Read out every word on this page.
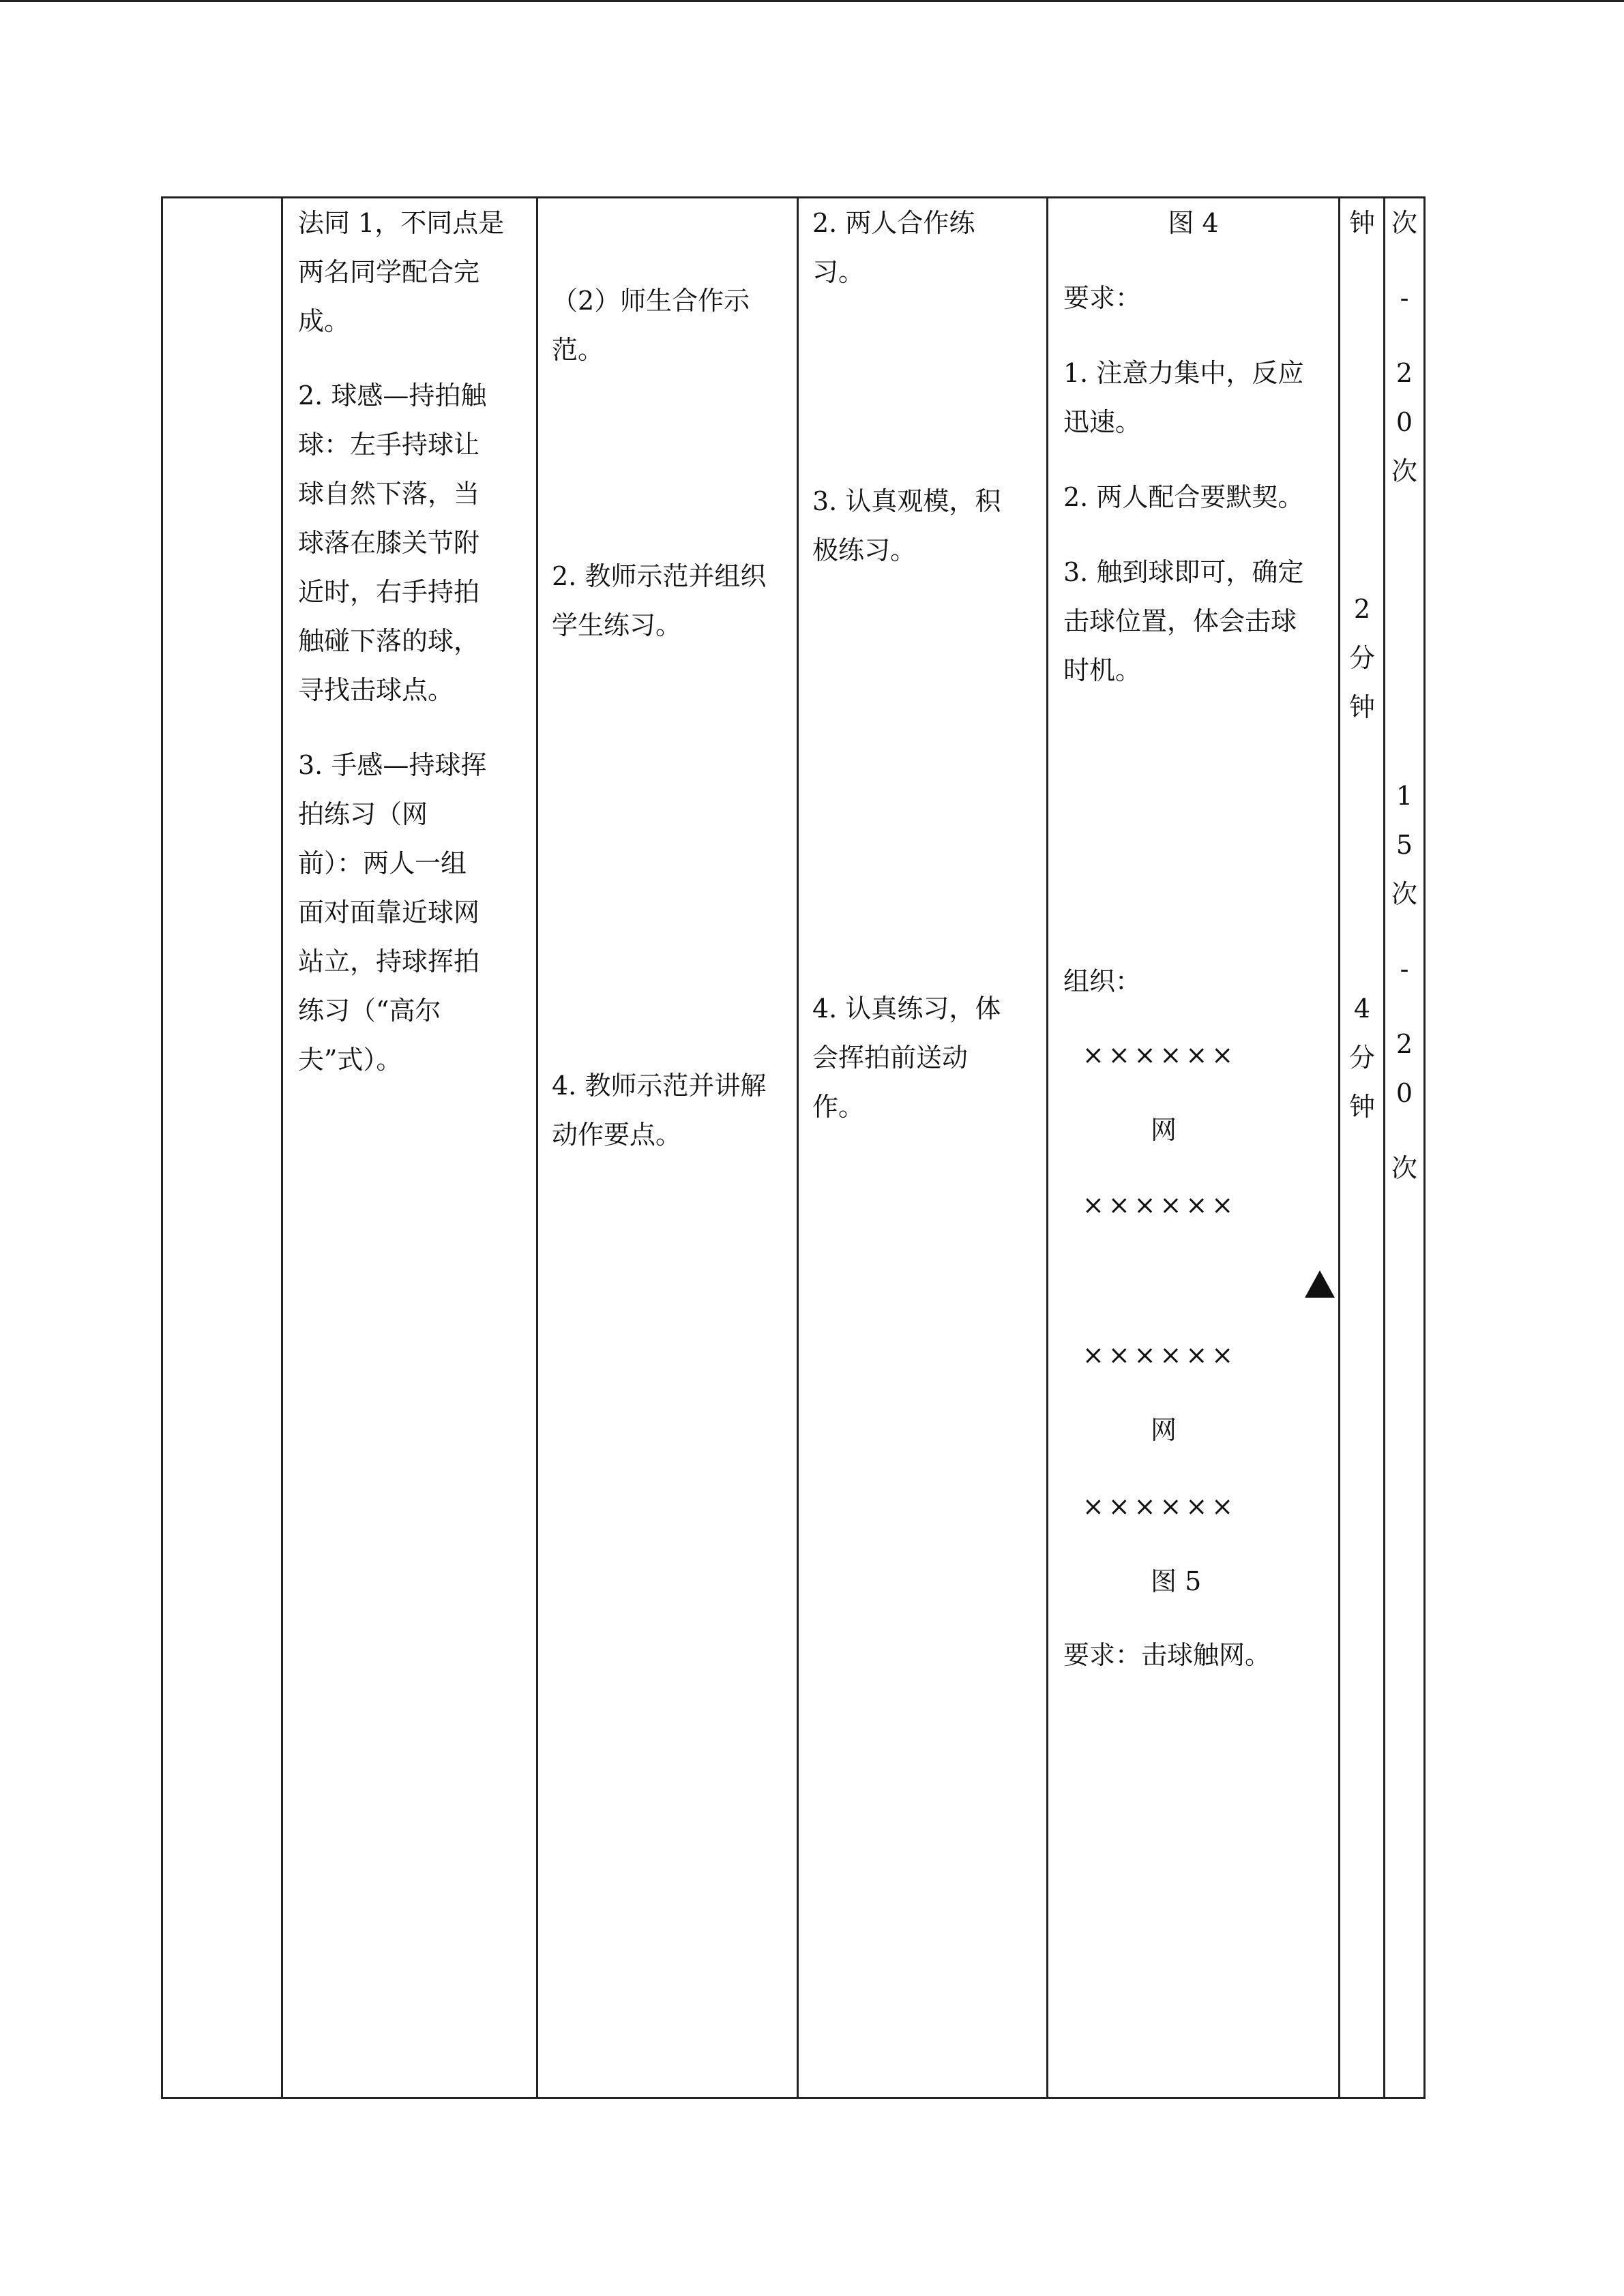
法同 1，不同点是
两名同学配合完
成。
2. 球感—持拍触
球：左手持球让
球自然下落，当
球落在膝关节附
近时，右手持拍
触碰下落的球，
寻找击球点。
3. 手感—持球挥
拍练习（网
前）：两人一组
面对面靠近球网
站立，持球挥拍
练习（“高尔
夫”式）。
（2）师生合作示
范。
2. 教师示范并组织
学生练习。
4. 教师示范并讲解
动作要点。
2. 两人合作练
习。
3. 认真观模，积
极练习。
4. 认真练习，体
会挥拍前送动
作。
图 4
要求：
1. 注意力集中，反应
迅速。
2. 两人配合要默契。
3. 触到球即可，确定
击球位置，体会击球
时机。
组织：
××××××
网
××××××
××××××
网
××××××
图 5
要求：击球触网。
钟
2
分
钟
4
分
钟
次
-
2
0
次
1
5
次
-
2
0
次
